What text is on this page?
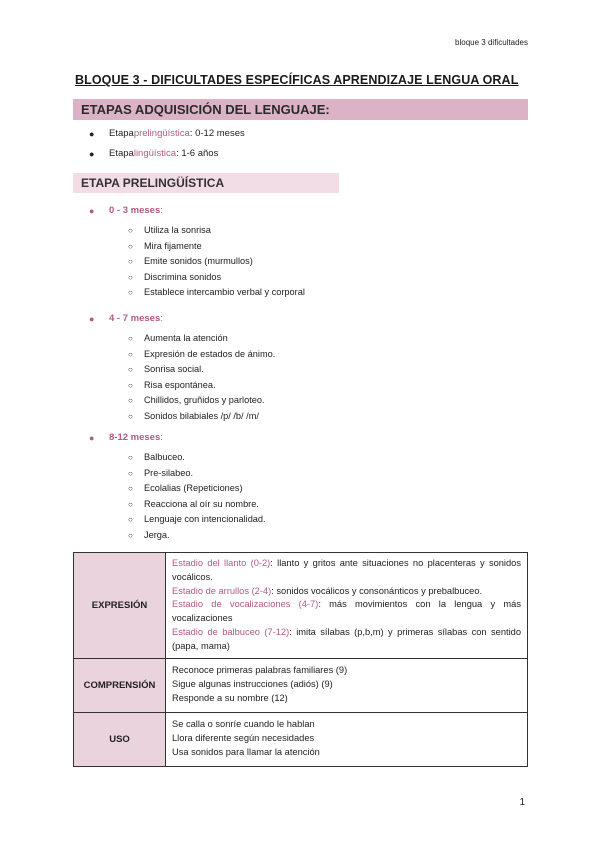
bloque 3 dificultades
BLOQUE 3 - DIFICULTADES ESPECÍFICAS APRENDIZAJE LENGUA ORAL
ETAPAS ADQUISICIÓN DEL LENGUAJE:
●	Etapa prelingüística : 0-12 meses
●	Etapa lingüística : 1-6 años
ETAPA PRELINGÜÍSTICA
●	0 - 3 meses :
○	Utiliza la sonrisa
○	Mira fijamente
○	Emite sonidos (murmullos)
○	Discrimina sonidos
○	Establece intercambio verbal y corporal
●	4 - 7 meses :
○	Aumenta la atención
○	Expresión de estados de ánimo.
○	Sonrisa social.
○	Risa espontánea.
○	Chillidos, gruñidos y parloteo.
○	Sonidos bilabiales /p/ /b/ /m/
●	8-12 meses :
○	Balbuceo.
○	Pre-silabeo.
○	Ecolalias (Repeticiones)
○	Reacciona al oír su nombre.
○	Lenguaje con intencionalidad.
○	Jerga.
EXPRESIÓN	Estadio del llanto (0-2): llanto y gritos ante situaciones no placenteras y sonidos vocálicos.
Estadio de arrullos (2-4): sonidos vocálicos y consonánticos y prebalbuceo.
Estadio de vocalizaciones (4-7): más movimientos con la lengua y más vocalizaciones
Estadio de balbuceo (7-12): imita sílabas (p,b,m) y primeras sílabas con sentido (papa, mama)

COMPRENSIÓN	Reconoce primeras palabras familiares (9)
Sigue algunas instrucciones (adiós) (9)
Responde a su nombre (12)

USO	Se calla o sonríe cuando le hablan
Llora diferente según necesidades
Usa sonidos para llamar la atención
1
